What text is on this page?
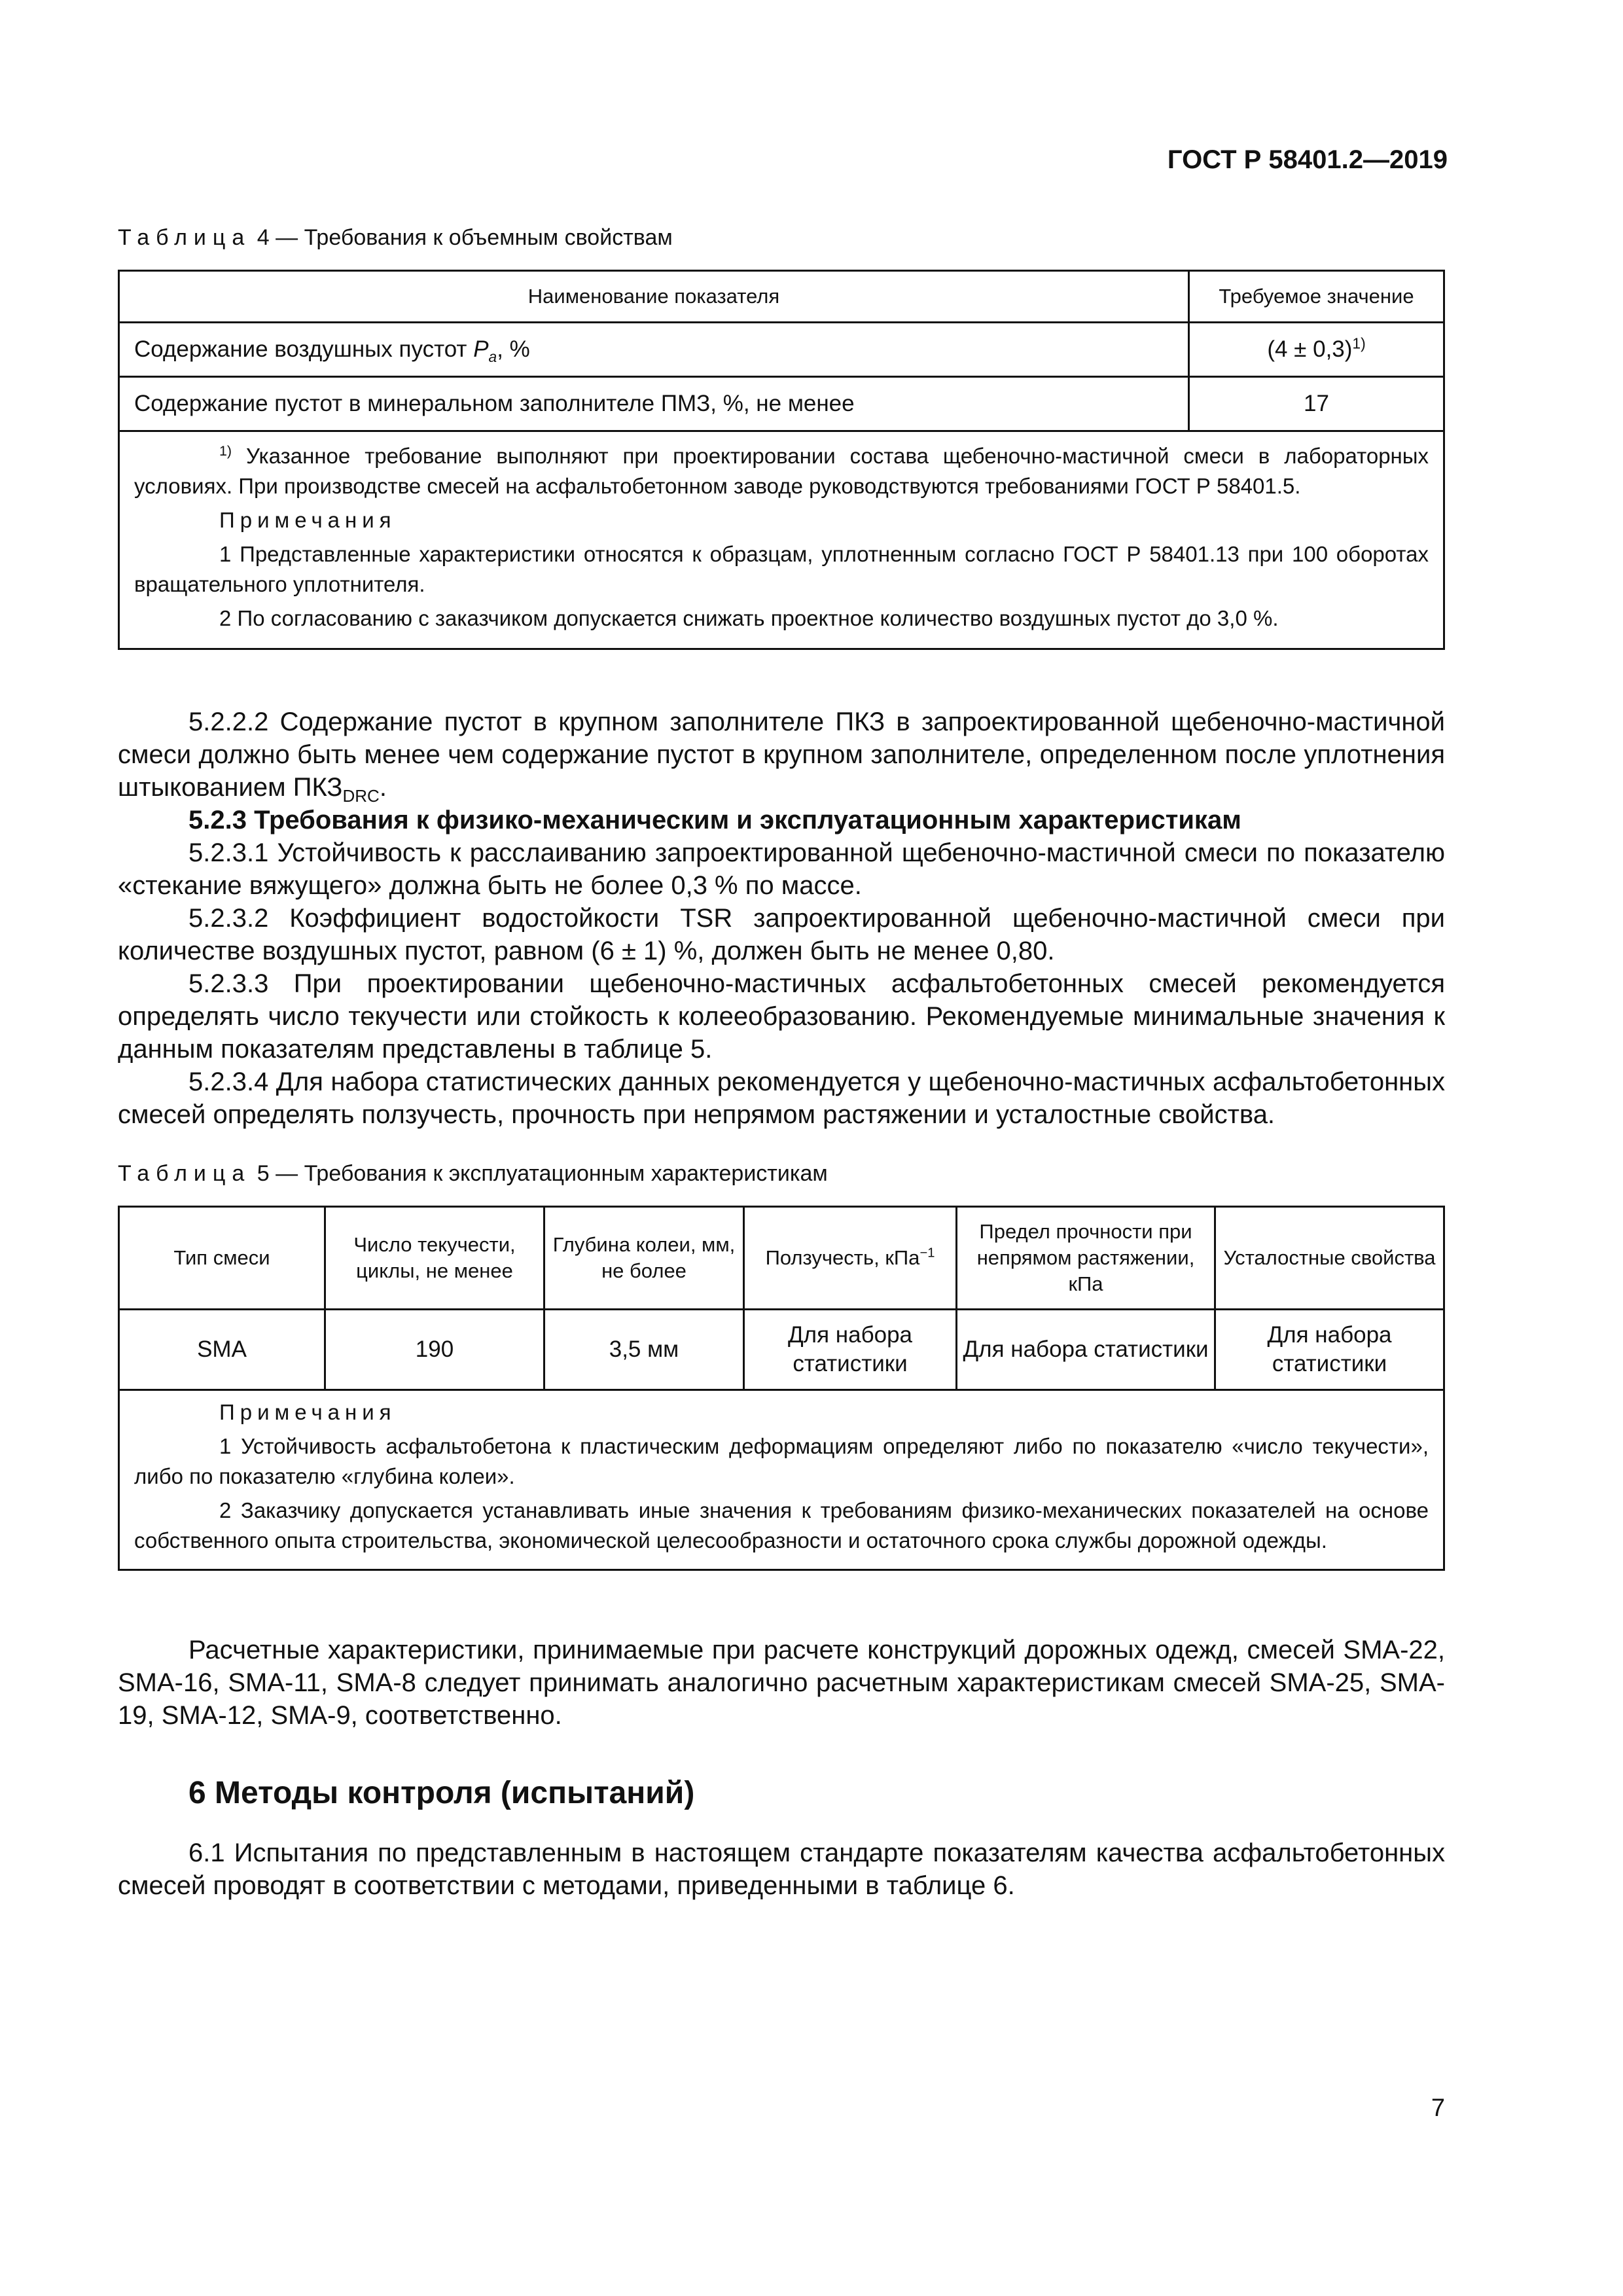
ГОСТ Р 58401.2—2019
Таблица 4 — Требования к объемным свойствам
Наименование показателя	Требуемое значение
Содержание воздушных пустот $P_a$, %	$(4 \pm 0,3)^{1)}$
Содержание пустот в минеральном заполнителе ПМЗ, %, не менее	17

$^{1)}$ Указанное требование выполняют при проектировании состава щебеночно-мастичной смеси в лабораторных условиях. При производстве смесей на асфальтобетонном заводе руководствуются требованиями ГОСТ Р 58401.5.
Примечания
1 Представленные характеристики относятся к образцам, уплотненным согласно ГОСТ Р 58401.13 при 100 оборотах вращательного уплотнителя.
2 По согласованию с заказчиком допускается снижать проектное количество воздушных пустот до 3,0 %.	

5.2.2.2 Содержание пустот в крупном заполнителе ПКЗ в запроектированной щебеночно-мастичной смеси должно быть менее чем содержание пустот в крупном заполнителе, определенном после уплотнения штыкованием $ПКЗ_{DRC}$.

5.2.3 Требования к физико-механическим и эксплуатационным характеристикам

5.2.3.1 Устойчивость к расслаиванию запроектированной щебеночно-мастичной смеси по показателю «стекание вяжущего» должна быть не более 0,3 % по массе.

5.2.3.2 Коэффициент водостойкости TSR запроектированной щебеночно-мастичной смеси при количестве воздушных пустот, равном (6 ± 1) %, должен быть не менее 0,80.

5.2.3.3 При проектировании щебеночно-мастичных асфальтобетонных смесей рекомендуется определять число текучести или стойкость к колееобразованию. Рекомендуемые минимальные значения к данным показателям представлены в таблице 5.

5.2.3.4 Для набора статистических данных рекомендуется у щебеночно-мастичных асфальтобетонных смесей определять ползучесть, прочность при непрямом растяжении и усталостные свойства.

Таблица 5 — Требования к эксплуатационным характеристикам
Тип смеси	Число текучести, циклы, не менее	Глубина колеи, мм, не более	Ползучесть, кПа$^{-1}$	Предел прочности при непрямом растяжении, кПа	Усталостные свойства
SMA	190	3,5 мм	Для набора статистики	Для набора статистики	Для набора статистики

Примечания
1 Устойчивость асфальтобетона к пластическим деформациям определяют либо по показателю «число текучести», либо по показателю «глубина колеи».
2 Заказчику допускается устанавливать иные значения к требованиям физико-механических показателей на основе собственного опыта строительства, экономической целесообразности и остаточного срока службы дорожной одежды.					

Расчетные характеристики, принимаемые при расчете конструкций дорожных одежд, смесей SMA-22, SMA-16, SMA-11, SMA-8 следует принимать аналогично расчетным характеристикам смесей SMA-25, SMA-19, SMA-12, SMA-9, соответственно.

6 Методы контроля (испытаний)

6.1 Испытания по представленным в настоящем стандарте показателям качества асфальтобетонных смесей проводят в соответствии с методами, приведенными в таблице 6.

7
